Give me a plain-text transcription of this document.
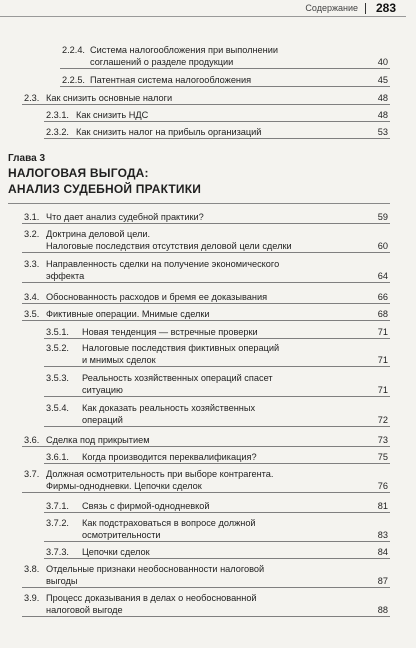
Содержание 283
2.2.4. Система налогообложения при выполнении
соглашений о разделе продукции	40
2.2.5. Патентная система налогообложения	45
2.3. Как снизить основные налоги	48
2.3.1. Как снизить НДС	48
2.3.2. Как снизить налог на прибыль организаций	53
Глава 3
НАЛОГОВАЯ ВЫГОДА:
АНАЛИЗ СУДЕБНОЙ ПРАКТИКИ
3.1. Что дает анализ судебной практики?	59
3.2. Доктрина деловой цели.
Налоговые последствия отсутствия деловой цели сделки	60
3.3. Направленность сделки на получение экономического
эффекта	64
3.4. Обоснованность расходов и бремя ее доказывания	66
3.5. Фиктивные операции. Мнимые сделки	68
3.5.1. Новая тенденция — встречные проверки	71
3.5.2. Налоговые последствия фиктивных операций
и мнимых сделок	71
3.5.3. Реальность хозяйственных операций спасет
ситуацию	71
3.5.4. Как доказать реальность хозяйственных
операций	72
3.6. Сделка под прикрытием	73
3.6.1. Когда производится переквалификация?	75
3.7. Должная осмотрительность при выборе контрагента.
Фирмы-однодневки. Цепочки сделок	76
3.7.1. Связь с фирмой-однодневкой	81
3.7.2. Как подстраховаться в вопросе должной
осмотрительности	83
3.7.3. Цепочки сделок	84
3.8. Отдельные признаки необоснованности налоговой
выгоды	87
3.9. Процесс доказывания в делах о необоснованной
налоговой выгоде	88
